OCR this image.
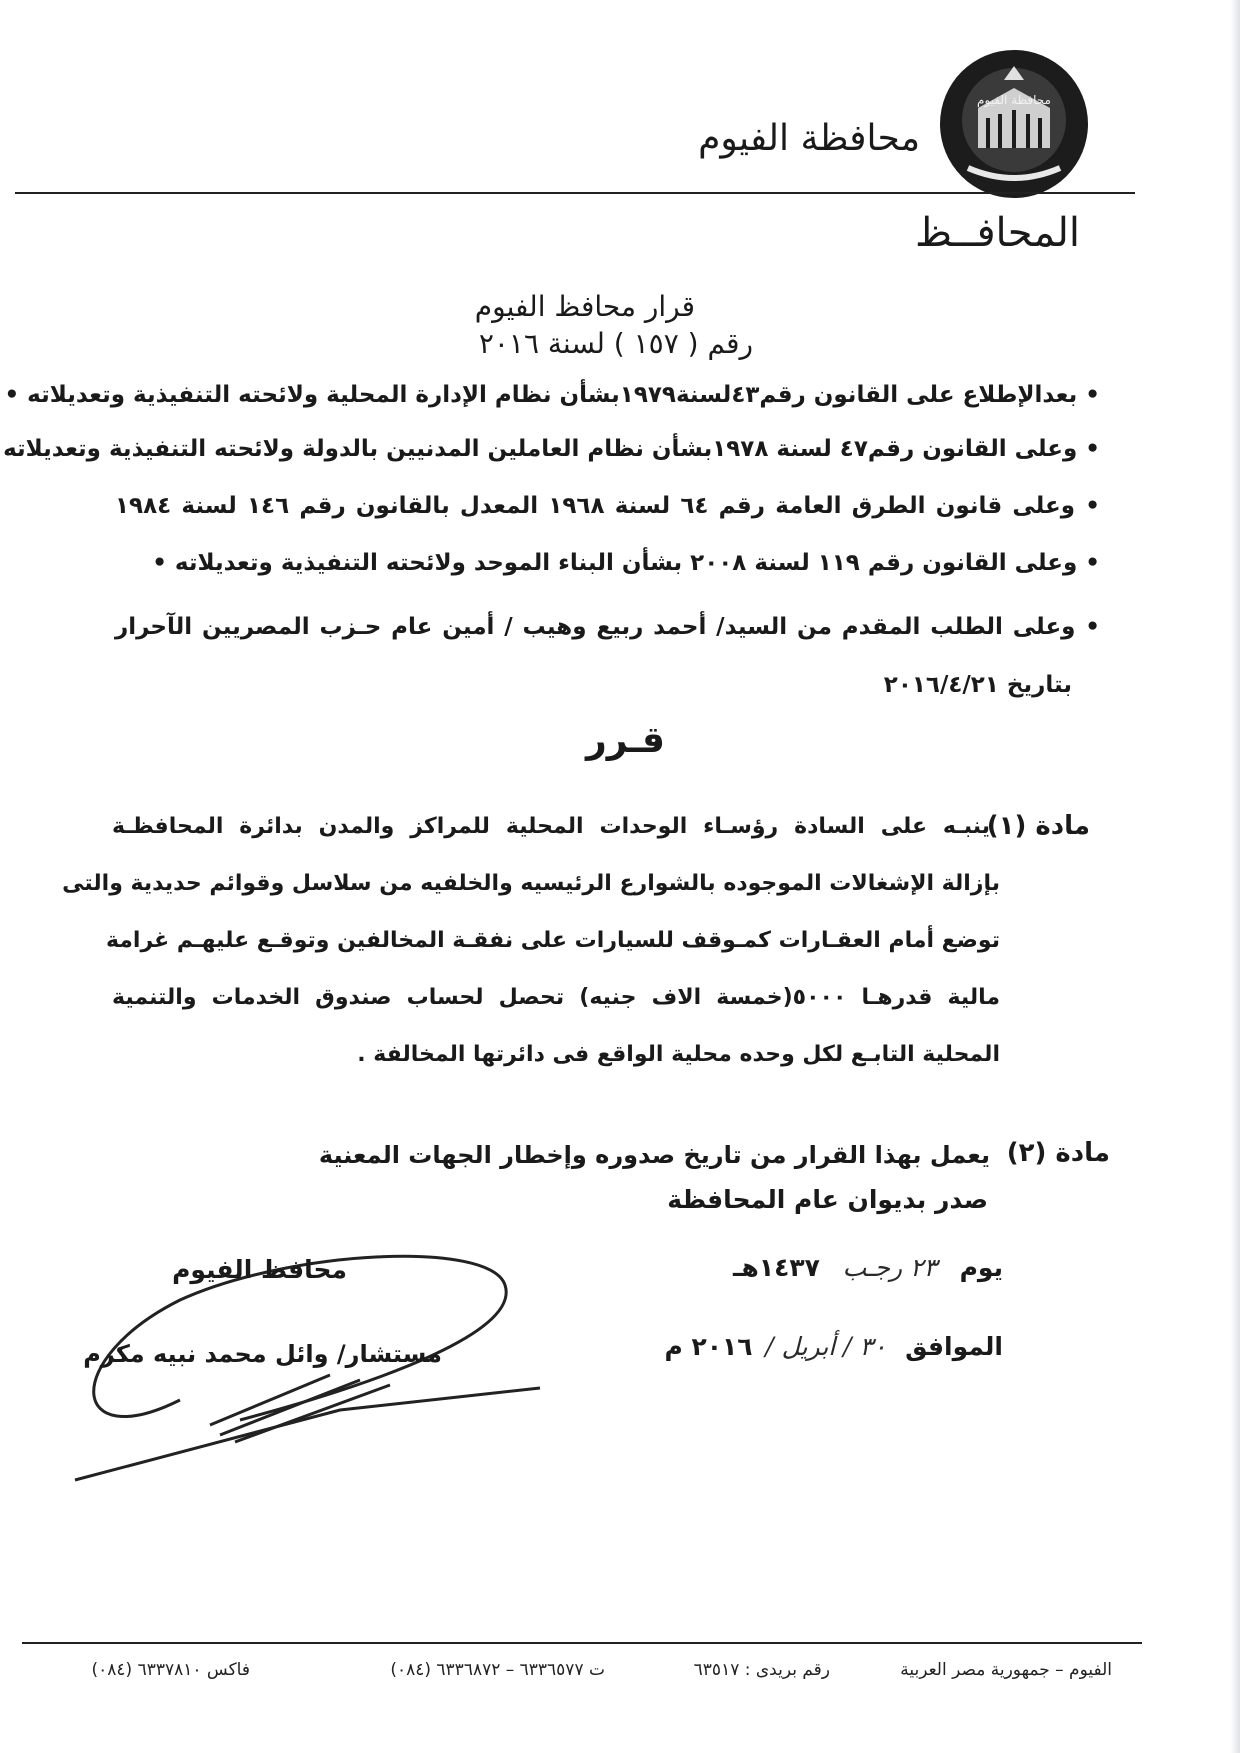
محافظة الفيوم
محافظة الفيوم
المحافــظ
قرار محافظ الفيوم
رقم ( ١٥٧ ) لسنة ٢٠١٦
• بعدالإطلاع على القانون رقم٤٣لسنة١٩٧٩بشأن نظام الإدارة المحلية ولائحته التنفيذية وتعديلاته •
• وعلى القانون رقم٤٧ لسنة ١٩٧٨بشأن نظام العاملين المدنيين بالدولة ولائحته التنفيذية وتعديلاته
• وعلى قانون الطرق العامة رقم ٦٤ لسنة ١٩٦٨ المعدل بالقانون رقم ١٤٦ لسنة ١٩٨٤
• وعلى القانون رقم ١١٩ لسنة ٢٠٠٨ بشأن البناء الموحد ولائحته التنفيذية وتعديلاته •
• وعلى الطلب المقدم من السيد/ أحمد ربيع وهيب / أمين عام حـزب المصريين الآحرار
بتاريخ ٢٠١٦/٤/٢١
قـرر
مادة (١)
ينبـه على السادة رؤسـاء الوحدات المحلية للمراكز والمدن بدائرة المحافظـة
بإزالة الإشغالات الموجوده بالشوارع الرئيسيه والخلفيه من سلاسل وقوائم حديدية والتى
توضع أمام العقـارات كمـوقف للسيارات على نفقـة المخالفين وتوقـع عليهـم غرامة
مالية قدرهـا ٥٠٠٠(خمسة الاف جنيه) تحصل لحساب صندوق الخدمات والتنمية
المحلية التابـع لكل وحده محلية الواقع فى دائرتها المخالفة .
مادة (٢)
يعمل بهذا القرار من تاريخ صدوره وإخطار الجهات المعنية
صدر بديوان عام المحافظة
يوم ٢٣ رجـب ١٤٣٧هـ
الموافق ٣٠ / أبريل / ٢٠١٦ م
محافظ الفيوم
مستشار/ وائل محمد نبيه مكرم
الفيوم – جمهورية مصر العربية
رقم بريدى : ٦٣٥١٧
ت ٦٣٣٦٥٧٧ – ٦٣٣٦٨٧٢ (٠٨٤)
فاكس ٦٣٣٧٨١٠ (٠٨٤)
